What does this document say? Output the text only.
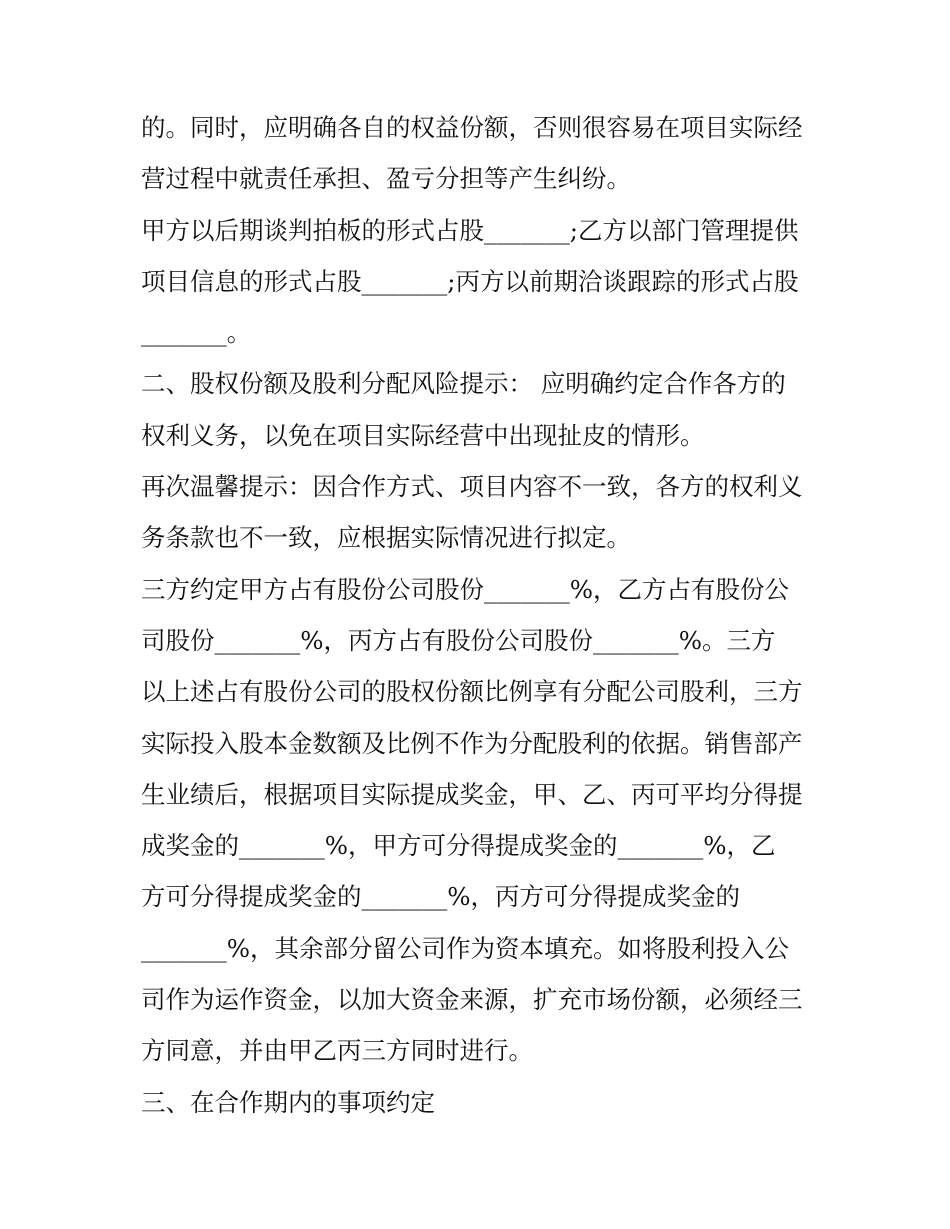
的。同时，应明确各自的权益份额，否则很容易在项目实际经
营过程中就责任承担、盈亏分担等产生纠纷。
甲方以后期谈判拍板的形式占股_______;乙方以部门管理提供
项目信息的形式占股_______;丙方以前期洽谈跟踪的形式占股
_______。
二、股权份额及股利分配风险提示： 应明确约定合作各方的
权利义务，以免在项目实际经营中出现扯皮的情形。
再次温馨提示：因合作方式、项目内容不一致，各方的权利义
务条款也不一致，应根据实际情况进行拟定。
三方约定甲方占有股份公司股份_______%，乙方占有股份公
司股份_______%，丙方占有股份公司股份_______%。三方
以上述占有股份公司的股权份额比例享有分配公司股利，三方
实际投入股本金数额及比例不作为分配股利的依据。销售部产
生业绩后，根据项目实际提成奖金，甲、乙、丙可平均分得提
成奖金的_______%，甲方可分得提成奖金的_______%，乙
方可分得提成奖金的_______%，丙方可分得提成奖金的
_______%，其余部分留公司作为资本填充。如将股利投入公
司作为运作资金，以加大资金来源，扩充市场份额，必须经三
方同意，并由甲乙丙三方同时进行。
三、在合作期内的事项约定
